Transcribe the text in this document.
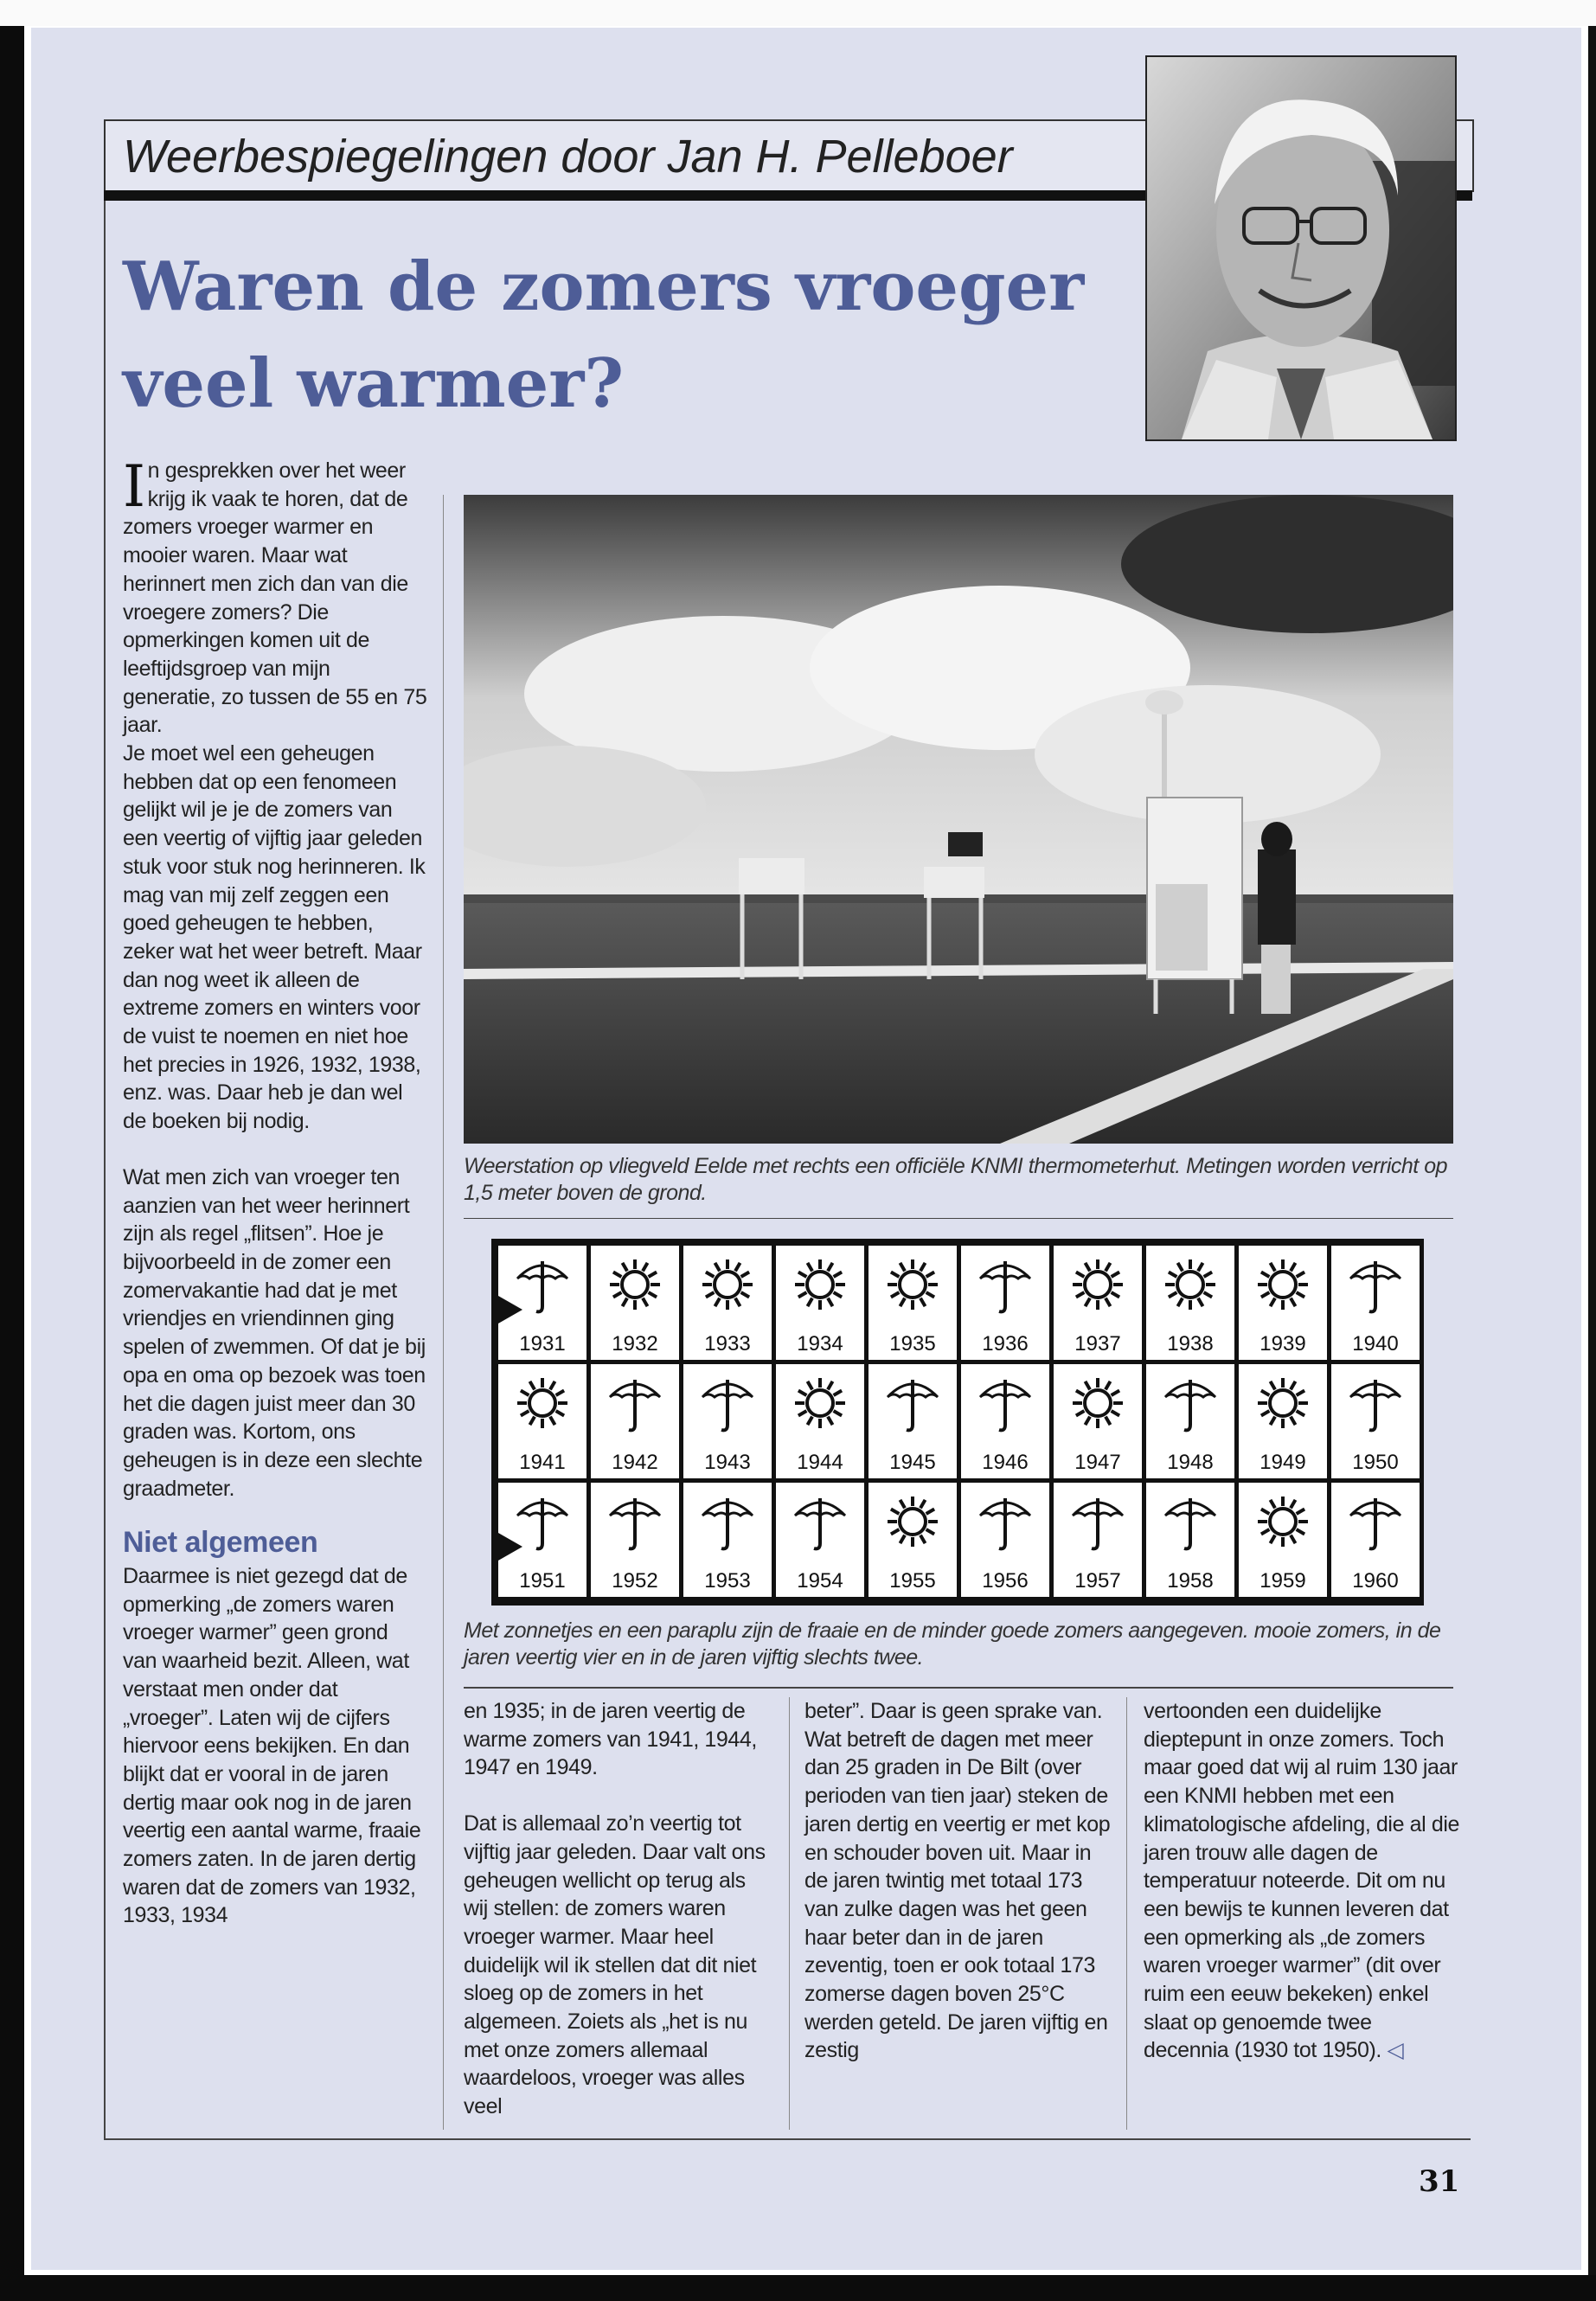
Weerbespiegelingen door Jan H. Pelleboer
Waren de zomers vroeger veel warmer?
In gesprekken over het weer krijg ik vaak te horen, dat de zomers vroeger warmer en mooier waren. Maar wat herinnert men zich dan van die vroegere zomers? Die opmerkingen komen uit de leeftijdsgroep van mijn generatie, zo tussen de 55 en 75 jaar.
Je moet wel een geheugen hebben dat op een fenomeen gelijkt wil je je de zomers van een veertig of vijftig jaar geleden stuk voor stuk nog herinneren. Ik mag van mij zelf zeggen een goed geheugen te hebben, zeker wat het weer betreft. Maar dan nog weet ik alleen de extreme zomers en winters voor de vuist te noemen en niet hoe het precies in 1926, 1932, 1938, enz. was. Daar heb je dan wel de boeken bij nodig.
Wat men zich van vroeger ten aanzien van het weer herinnert zijn als regel „flitsen”. Hoe je bijvoorbeeld in de zomer een zomervakantie had dat je met vriendjes en vriendinnen ging spelen of zwemmen. Of dat je bij opa en oma op bezoek was toen het die dagen juist meer dan 30 graden was. Kortom, ons geheugen is in deze een slechte graadmeter.
Niet algemeen
Daarmee is niet gezegd dat de opmerking „de zomers waren vroeger warmer” geen grond van waarheid bezit. Alleen, wat verstaat men onder dat „vroeger”. Laten wij de cijfers hiervoor eens bekijken. En dan blijkt dat er vooral in de jaren dertig maar ook nog in de jaren veertig een aantal warme, fraaie zomers zaten. In de jaren dertig waren dat de zomers van 1932, 1933, 1934
Weerstation op vliegveld Eelde met rechts een officiële KNMI thermometerhut. Metingen worden verricht op 1,5 meter boven de grond.
1931	1932	1933	1934	1935	1936	1937	1938	1939	1940
1941	1942	1943	1944	1945	1946	1947	1948	1949	1950
1951	1952	1953	1954	1955	1956	1957	1958	1959	1960
Met zonnetjes en een paraplu zijn de fraaie en de minder goede zomers aangegeven. mooie zomers, in de jaren veertig vier en in de jaren vijftig slechts twee.
en 1935; in de jaren veertig de warme zomers van 1941, 1944, 1947 en 1949.
Dat is allemaal zo’n veertig tot vijftig jaar geleden. Daar valt ons geheugen wellicht op terug als wij stellen: de zomers waren vroeger warmer. Maar heel duidelijk wil ik stellen dat dit niet sloeg op de zomers in het algemeen. Zoiets als „het is nu met onze zomers allemaal waardeloos, vroeger was alles veel
beter”. Daar is geen sprake van. Wat betreft de dagen met meer dan 25 graden in De Bilt (over perioden van tien jaar) steken de jaren dertig en veertig er met kop en schouder boven uit. Maar in de jaren twintig met totaal 173 van zulke dagen was het geen haar beter dan in de jaren zeventig, toen er ook totaal 173 zomerse dagen boven 25°C werden geteld. De jaren vijftig en zestig
vertoonden een duidelijke dieptepunt in onze zomers. Toch maar goed dat wij al ruim 130 jaar een KNMI hebben met een klimatologische afdeling, die al die jaren trouw alle dagen de temperatuur noteerde. Dit om nu een bewijs te kunnen leveren dat een opmerking als „de zomers waren vroeger warmer” (dit over ruim een eeuw bekeken) enkel slaat op genoemde twee decennia (1930 tot 1950). ◁
31
